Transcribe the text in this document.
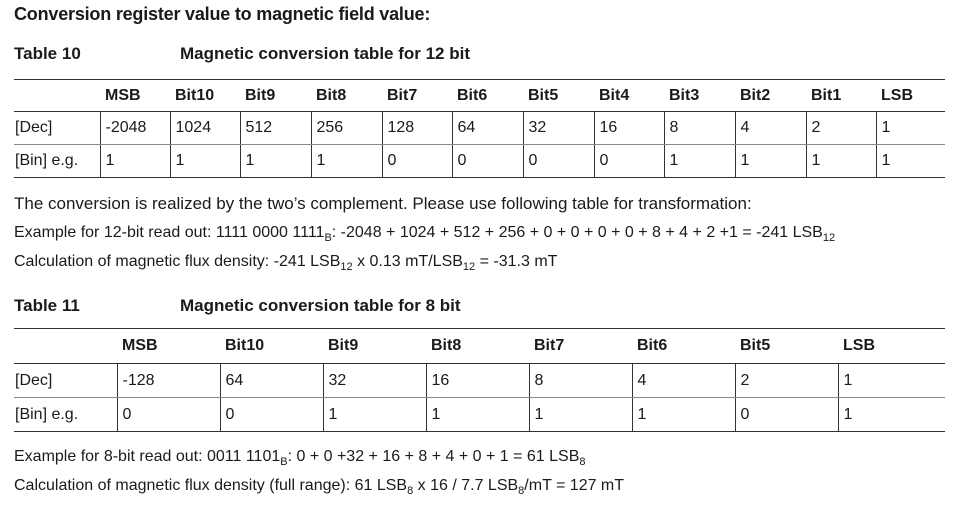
Conversion register value to magnetic field value:
Table 10	Magnetic conversion table for 12 bit
	MSB	Bit10	Bit9	Bit8	Bit7	Bit6	Bit5	Bit4	Bit3	Bit2	Bit1	LSB
[Dec]	-2048	1024	512	256	128	64	32	16	8	4	2	1
[Bin] e.g.	1	1	1	1	0	0	0	0	1	1	1	1
The conversion is realized by the two’s complement. Please use following table for transformation:
Example for 12-bit read out: 1111 0000 $1111_B$: -2048 + 1024 + 512 + 256 + 0 + 0 + 0 + 0 + 8 + 4 + 2 +1 = -241 $LSB_{12}$
Calculation of magnetic flux density: -241 $LSB_{12}$ x 0.13 $mT/LSB_{12} = -31.3$ mT
Table 11	Magnetic conversion table for 8 bit
	MSB	Bit10	Bit9	Bit8	Bit7	Bit6	Bit5	LSB
[Dec]	-128	64	32	16	8	4	2	1
[Bin] e.g.	0	0	1	1	1	1	0	1
Example for 8-bit read out: 0011 $1101_B$: 0 + 0 +32 + 16 + 8 + 4 + 0 + 1 = 61 $LSB_8$
Calculation of magnetic flux density (full range): 61 $LSB_8$ x 16 / 7.7 $LSB_8/mT = 127$ mT
